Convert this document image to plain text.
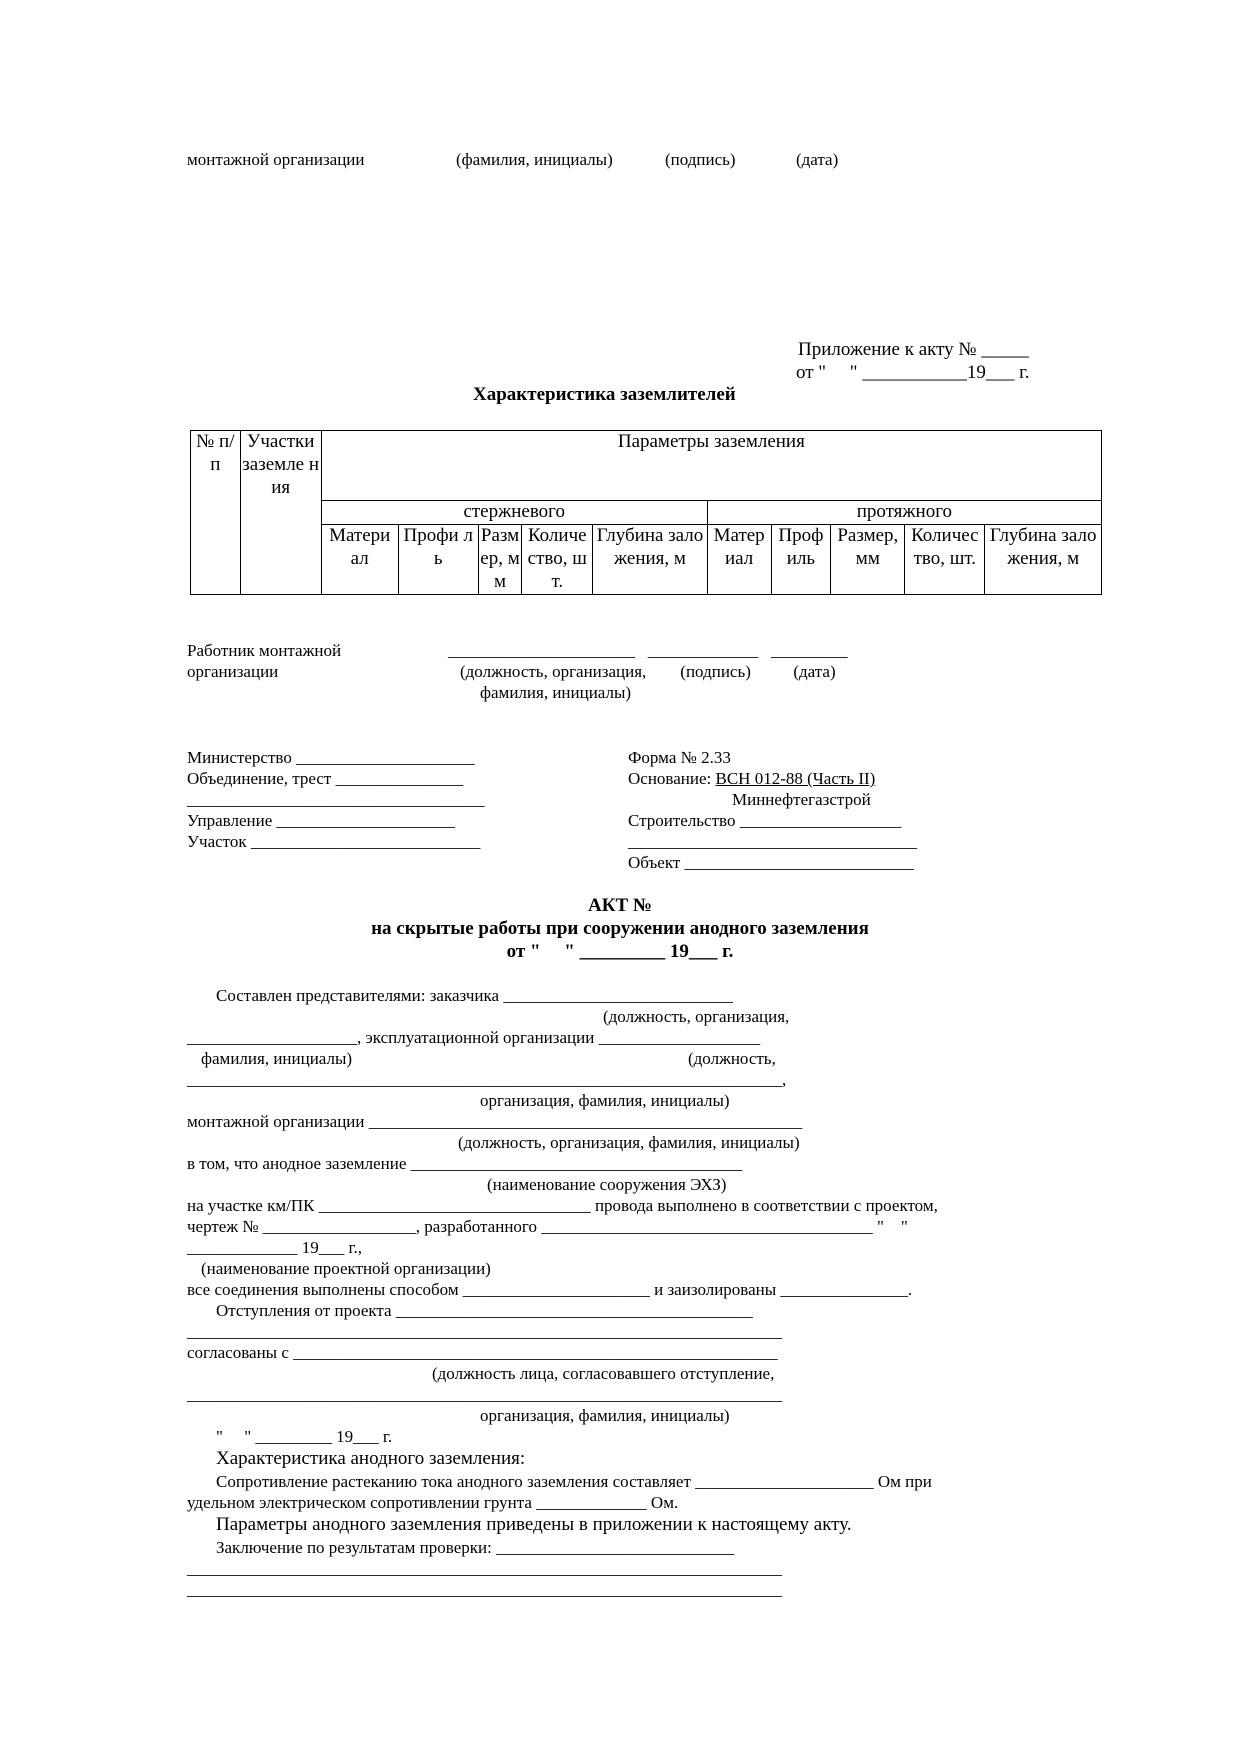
монтажной организации	(фамилия, инициалы)	(подпись)	(дата)
Приложение к акту № _____
от "     " ___________19___ г.
Характеристика заземлителей
№ п/п	Участки заземле ния	Параметры заземления									
		стержневого					протяжного				
		Матери ал	Профи ль	Разм ер, мм	Количе ство, шт.	Глубина заложения, м	Матер иал	Проф иль	Размер, мм	Количес тво, шт.	Глубина заложения, м
Работник монтажной
организации
______________________   _____________   _________
(должность, организация,        (подпись)          (дата)
фамилия, инициалы)
Министерство _____________________
Объединение, трест _______________
___________________________________
Управление _____________________
Участок ___________________________
Форма № 2.33
Основание: ВСН 012-88 (Часть II)
Миннефтегазстрой
Строительство ___________________
__________________________________
Объект ___________________________
АКТ №
на скрытые работы при сооружении анодного заземления
от "     " _________ 19___ г.
Составлен представителями: заказчика ___________________________
(должность, организация,
____________________, эксплуатационной организации ___________________
фамилия, инициалы)	(должность,
______________________________________________________________________,
организация, фамилия, инициалы)
монтажной организации ___________________________________________________
(должность, организация, фамилия, инициалы)
в том, что анодное заземление _______________________________________
(наименование сооружения ЭХЗ)
на участке км/ПК ________________________________ провода выполнено в соответствии с проектом,
чертеж № __________________, разработанного _______________________________________ "    "
_____________ 19___ г.,
(наименование проектной организации)
все соединения выполнены способом ______________________ и заизолированы _______________.
Отступления от проекта __________________________________________
______________________________________________________________________
согласованы с _________________________________________________________
(должность лица, согласовавшего отступление,
______________________________________________________________________
организация, фамилия, инициалы)
"     " _________ 19___ г.
Характеристика анодного заземления:
Сопротивление растеканию тока анодного заземления составляет _____________________ Ом при
удельном электрическом сопротивлении грунта _____________ Ом.
Параметры анодного заземления приведены в приложении к настоящему акту.
Заключение по результатам проверки: ____________________________
______________________________________________________________________
______________________________________________________________________
